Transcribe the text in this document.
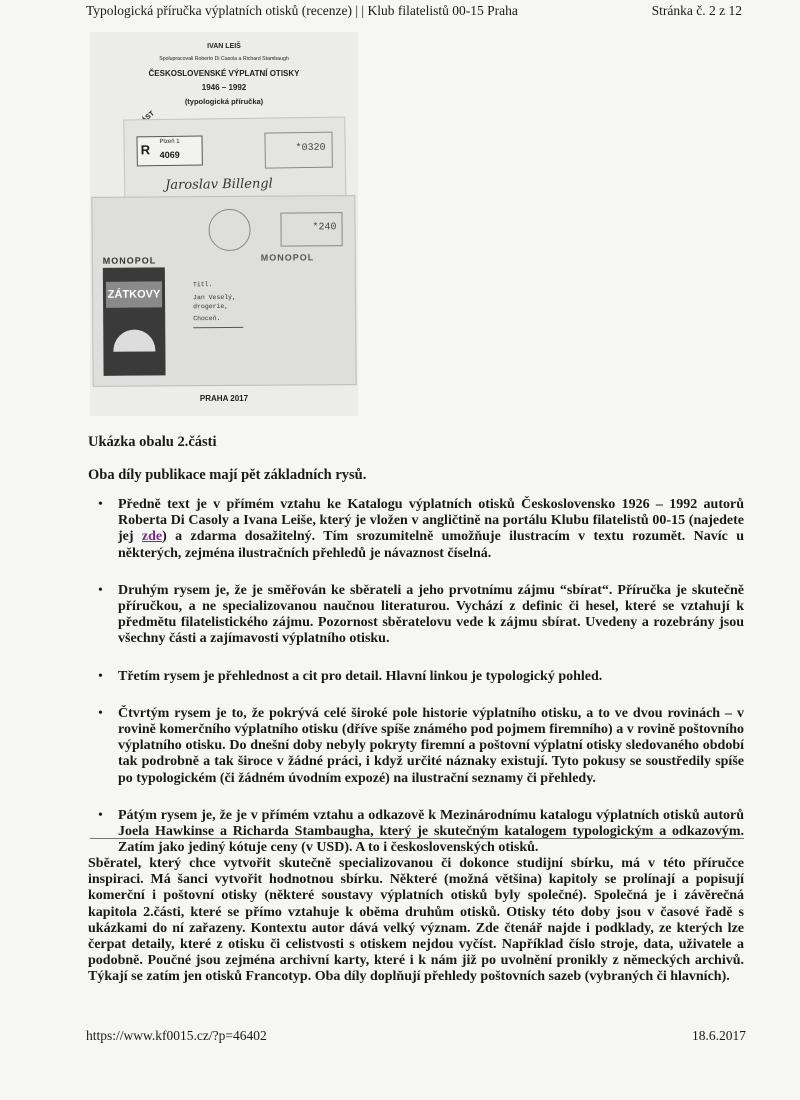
Typologická příručka výplatních otisků (recenze) | | Klub filatelistů 00-15 Praha	Stránka č. 2 z 12
IVAN LEIŠ
Spolupracovali Roberto Di Casola a Richard Stambaugh
ČESKOSLOVENSKÉ VÝPLATNÍ OTISKY
1946 – 1992
(typologická příručka)
R
Plzeň 1
4069
*0320
Jaroslav Billengl
*240
MONOPOL
MONOPOL
ZÁTKOVY
Titl.
Jan Veselý,
drogerie,
Choceň.
PRAHA 2017
Ukázka obalu 2.části
Oba díly publikace mají pět základních rysů.
• Předně text je v přímém vztahu ke Katalogu výplatních otisků Československo 1926 – 1992 autorů Roberta Di Casoly a Ivana Leiše, který je vložen v angličtině na portálu Klubu filatelistů 00-15 (najedete jej zde) a zdarma dosažitelný. Tím srozumitelně umožňuje ilustracím v textu rozumět. Navíc u některých, zejména ilustračních přehledů je návaznost číselná.
• Druhým rysem je, že je směřován ke sběrateli a jeho prvotnímu zájmu “sbírat“. Příručka je skutečně příručkou, a ne specializovanou naučnou literaturou. Vychází z definic či hesel, které se vztahují k předmětu filatelistického zájmu. Pozornost sběratelovu vede k zájmu sbírat. Uvedeny a rozebrány jsou všechny části a zajímavosti výplatního otisku.
• Třetím rysem je přehlednost a cit pro detail. Hlavní linkou je typologický pohled.
• Čtvrtým rysem je to, že pokrývá celé široké pole historie výplatního otisku, a to ve dvou rovinách – v rovině komerčního výplatního otisku (dříve spíše známého pod pojmem firemního) a v rovině poštovního výplatního otisku. Do dnešní doby nebyly pokryty firemní a poštovní výplatní otisky sledovaného období tak podrobně a tak široce v žádné práci, i když určité náznaky existují. Tyto pokusy se soustředily spíše po typologickém (či žádném úvodním expozé) na ilustrační seznamy či přehledy.
• Pátým rysem je, že je v přímém vztahu a odkazově k Mezinárodnímu katalogu výplatních otisků autorů Joela Hawkinse a Richarda Stambaugha, který je skutečným katalogem typologickým a odkazovým. Zatím jako jediný kótuje ceny (v USD). A to i československých otisků.

Sběratel, který chce vytvořit skutečně specializovanou či dokonce studijní sbírku, má v této příručce inspiraci. Má šanci vytvořit hodnotnou sbírku. Některé (možná většina) kapitoly se prolínají a popisují komerční i poštovní otisky (některé soustavy výplatních otisků byly společné). Společná je i závěrečná kapitola 2.části, které se přímo vztahuje k oběma druhům otisků. Otisky této doby jsou v časové řadě s ukázkami do ní zařazeny. Kontextu autor dává velký význam. Zde čtenář najde i podklady, ze kterých lze čerpat detaily, které z otisku či celistvosti s otiskem nejdou vyčíst. Například číslo stroje, data, uživatele a podobně. Poučné jsou zejména archivní karty, které i k nám již po uvolnění pronikly z německých archivů. Týkají se zatím jen otisků Francotyp. Oba díly doplňují přehledy poštovních sazeb (vybraných či hlavních).

https://www.kf0015.cz/?p=46402	18.6.2017
